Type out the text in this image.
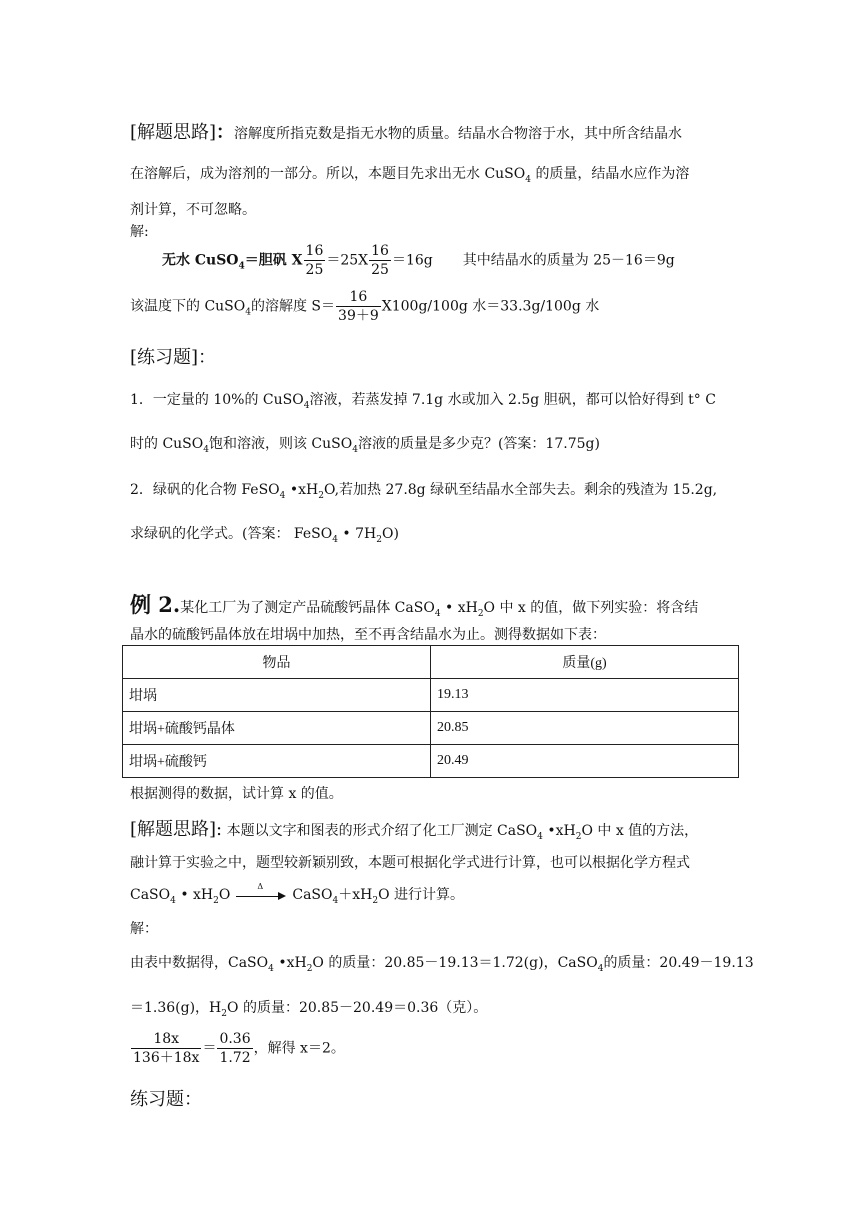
[解题思路]：溶解度所指克数是指无水物的质量。结晶水合物溶于水，其中所含结晶水
在溶解后，成为溶剂的一部分。所以，本题目先求出无水 CuSO$_4$ 的质量，结晶水应作为溶
剂计算，不可忽略。
解:
无水 CuSO$_4$＝胆矾 X $\frac{16}{25} =25X \frac{16}{25} =16g$ 其中结晶水的质量为 25－16＝9g
该温度下的 CuSO$_4$的溶解度 $S= \frac{16}{39+9} X100g/100g$ 水＝33.3g/100g 水
[练习题]：
1．一定量的 10%的 CuSO$_4$溶液，若蒸发掉 7.1g 水或加入 2.5g 胆矾，都可以恰好得到 t° C
时的 CuSO$_4$饱和溶液，则该 CuSO$_4$溶液的质量是多少克？(答案：17.75g)
2．绿矾的化合物 FeSO$_4$ $•xH_2O$,若加热 27.8g 绿矾至结晶水全部失去。剩余的残渣为 15.2g,
求绿矾的化学式。(答案： FeSO$_4$ • $7H_2O$)
例 2.某化工厂为了测定产品硫酸钙晶体 CaSO$_4$ • $xH_2O$ 中 x 的值，做下列实验：将含结
晶水的硫酸钙晶体放在坩埚中加热，至不再含结晶水为止。测得数据如下表：
物品	质量(g)
坩埚	19.13
坩埚+硫酸钙晶体	20.85
坩埚+硫酸钙	20.49
根据测得的数据，试计算 x 的值。
[解题思路]: 本题以文字和图表的形式介绍了化工厂测定 CaSO$_4$ $•xH_2O$ 中 x 值的方法，
融计算于实验之中，题型较新颖别致，本题可根据化学式进行计算，也可以根据化学方程式
CaSO$_4$ • $xH_2O$
Δ
$CaSO_4+xH_2O$ 进行计算。
解：
由表中数据得，CaSO$_4$ $•xH_2O$ 的质量：20.85－19.13＝1.72(g)，CaSO$_4$的质量：20.49－19.13
＝1.36(g)，$H_2O$ 的质量：20.85－20.49＝0.36（克）。
$\frac{18x}{136+18x} = \frac{0.36}{1.72}$ ，解得 x＝2。
练习题：
